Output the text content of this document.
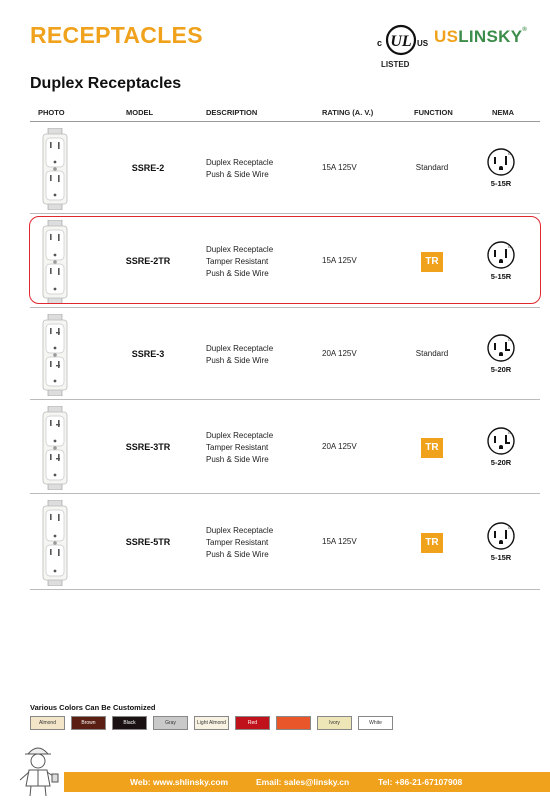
RECEPTACLES	UL
c	US
LISTED
USLINSKY®
Duplex Receptacles
PHOTO	MODEL	DESCRIPTION	RATING (A. V.)	FUNCTION	NEMA
SSRE-2
Duplex Receptacle
Push & Side Wire
15A 125V	Standard
G
5-15R
SSRE-2TR
Duplex Receptacle
Tamper Resistant
Push & Side Wire
15A 125V	TR
G
5-15R
SSRE-3
Duplex Receptacle
Push & Side Wire
20A 125V	Standard
G
5-20R
SSRE-3TR
Duplex Receptacle
Tamper Resistant
Push & Side Wire
20A 125V	TR
G
5-20R
SSRE-5TR
Duplex Receptacle
Tamper Resistant
Push & Side Wire
15A 125V	TR
G
5-15R
Various Colors Can Be Customized
Almond	Brown	Black	Gray	Light Almond	Red	Ivory	White
Web: www.shlinsky.com	Email: sales@linsky.cn	Tel: +86-21-67107908
